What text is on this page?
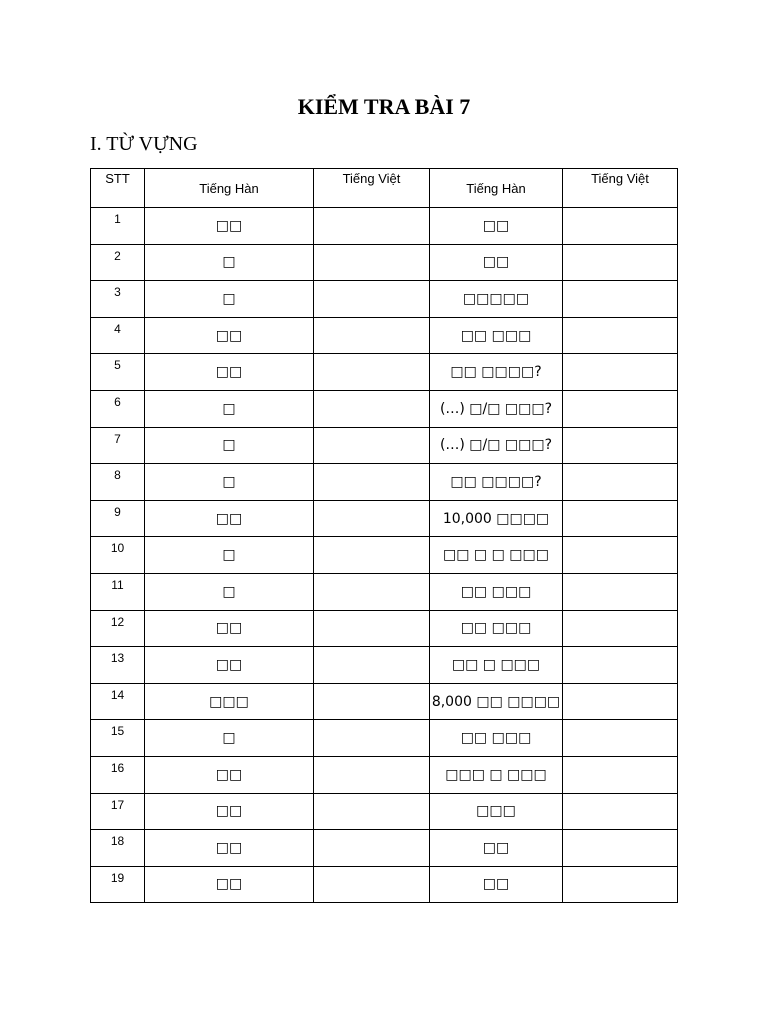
KIỂM TRA BÀI 7
I. TỪ VỰNG
STT	Tiếng Hàn	Tiếng Việt	Tiếng Hàn	Tiếng Việt
1	□□		□□	
2	□		□□	
3	□		□□□□□	
4	□□		□□ □□□	
5	□□		□□ □□□□?	
6	□		(…) □/□ □□□?	
7	□		(…) □/□ □□□?	
8	□		□□ □□□□?	
9	□□		10,000 □□□□	
10	□		□□ □ □ □□□	
11	□		□□ □□□	
12	□□		□□ □□□	
13	□□		□□ □ □□□	
14	□□□		8,000 □□ □□□□	
15	□		□□ □□□	
16	□□		□□□ □ □□□	
17	□□		□□□	
18	□□		□□	
19	□□		□□	
